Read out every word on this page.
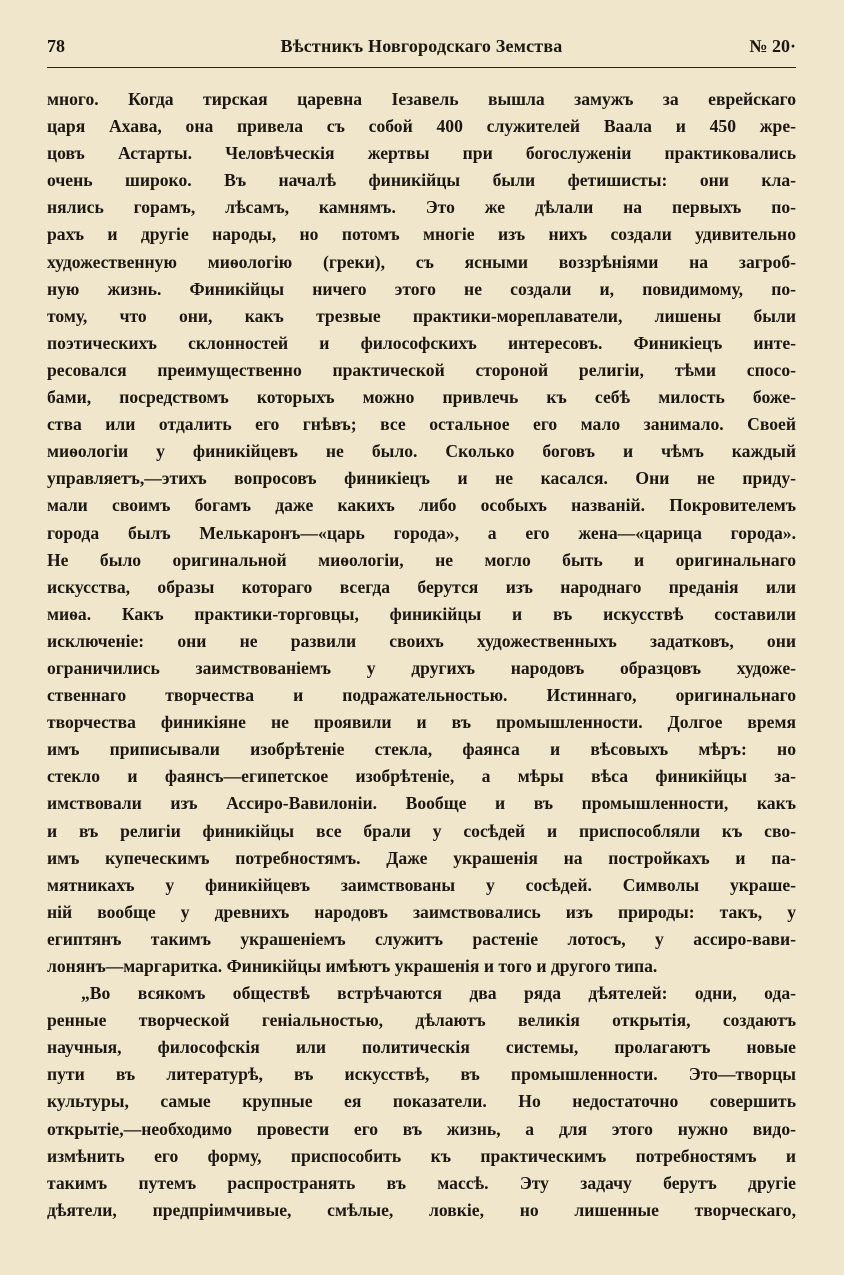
78	Вѣстникъ Новгородскаго Земства	№ 20·
много. Когда тирская царевна Iезавель вышла замужъ за еврейскаго
царя Ахава, она привела съ собой 400 служителей Ваала и 450 жре-
цовъ Астарты. Человѣческiя жертвы при богослуженiи практиковались
очень широко. Въ началѣ финикiйцы были фетишисты: они кла-
нялись горамъ, лѣсамъ, камнямъ. Это же дѣлали на первыхъ по-
рахъ и другiе народы, но потомъ многiе изъ нихъ создали удивительно
художественную миѳологiю (греки), съ ясными воззрѣнiями на загроб-
ную жизнь. Финикiйцы ничего этого не создали и, повидимому, по-
тому, что они, какъ трезвые практики-мореплаватели, лишены были
поэтическихъ склонностей и философскихъ интересовъ. Финикiецъ инте-
ресовался преимущественно практической стороной религiи, тѣми спосо-
бами, посредствомъ которыхъ можно привлечь къ себѣ милость боже-
ства или отдалить его гнѣвъ; все остальное его мало занимало. Своей
миѳологiи у финикiйцевъ не было. Сколько боговъ и чѣмъ каждый
управляетъ,—этихъ вопросовъ финикiецъ и не касался. Они не приду-
мали своимъ богамъ даже какихъ либо особыхъ названiй. Покровителемъ
города былъ Мелькаронъ—«царь города», а его жена—«царица города».
Не было оригинальной миѳологiи, не могло быть и оригинальнаго
искусства, образы котораго всегда берутся изъ народнаго преданiя или
миѳа. Какъ практики-торговцы, финикiйцы и въ искусствѣ составили
исключенiе: они не развили своихъ художественныхъ задатковъ, они
ограничились заимствованiемъ у другихъ народовъ образцовъ художе-
ственнаго творчества и подражательностью. Истиннаго, оригинальнаго
творчества финикiяне не проявили и въ промышленности. Долгое время
имъ приписывали изобрѣтенiе стекла, фаянса и вѣсовыхъ мѣръ: но
стекло и фаянсъ—египетское изобрѣтенiе, а мѣры вѣса финикiйцы за-
имствовали изъ Ассиро-Вавилонiи. Вообще и въ промышленности, какъ
и въ религiи финикiйцы все брали у сосѣдей и приспособляли къ сво-
имъ купеческимъ потребностямъ. Даже украшенiя на постройкахъ и па-
мятникахъ у финикiйцевъ заимствованы у сосѣдей. Символы украше-
нiй вообще у древнихъ народовъ заимствовались изъ природы: такъ, у
египтянъ такимъ украшенiемъ служитъ растенiе лотосъ, у ассиро-вави-
лонянъ—маргаритка. Финикiйцы имѣютъ украшенiя и того и другого типа.
„Во всякомъ обществѣ встрѣчаются два ряда дѣятелей: одни, ода-
ренные творческой генiальностью, дѣлаютъ великiя открытiя, создаютъ
научныя, философскiя или политическiя системы, пролагаютъ новые
пути въ литературѣ, въ искусствѣ, въ промышленности. Это—творцы
культуры, самые крупные ея показатели. Но недостаточно совершить
открытiе,—необходимо провести его въ жизнь, а для этого нужно видо-
измѣнить его форму, приспособить къ практическимъ потребностямъ и
такимъ путемъ распространять въ массѣ. Эту задачу берутъ другiе
дѣятели, предпрiимчивые, смѣлые, ловкiе, но лишенные творческаго,
